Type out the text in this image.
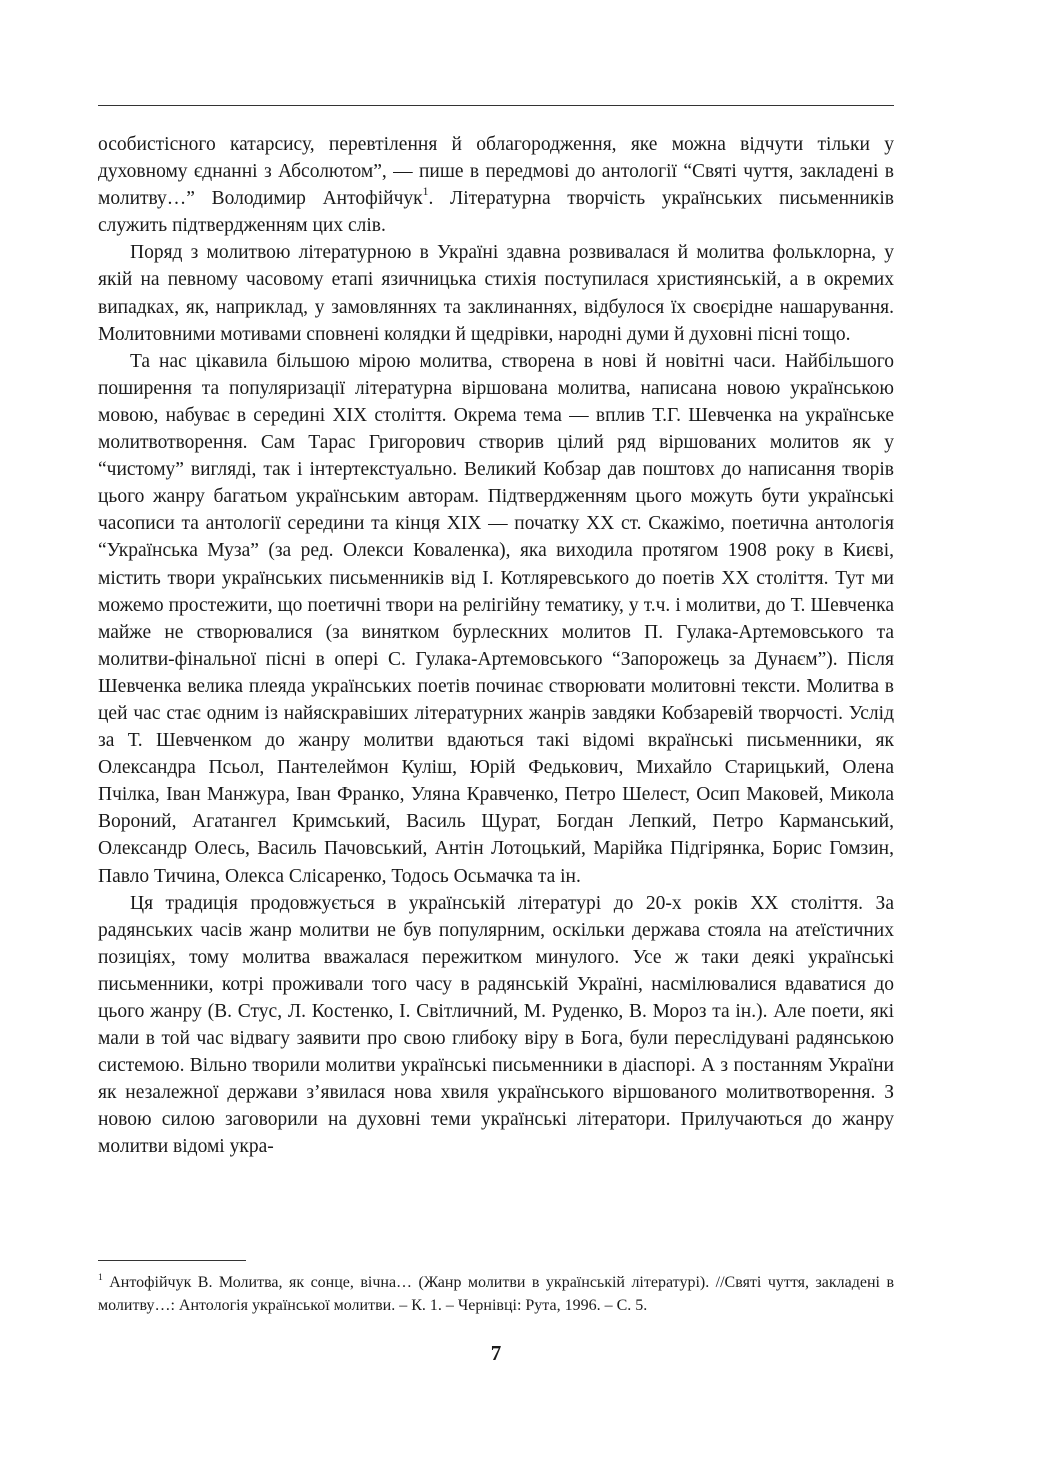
особистісного катарсису, перевтілення й облагородження, яке можна відчути тільки у духовному єднанні з Абсолютом”, — пише в передмові до антології “Святі чуття, закладені в молитву…” Володимир Антофійчук$^1$. Літературна творчість українських письменників служить підтвердженням цих слів.

Поряд з молитвою літературною в Україні здавна розвивалася й молитва фольклорна, у якій на певному часовому етапі язичницька стихія поступилася християнській, а в окремих випадках, як, наприклад, у замовляннях та заклинаннях, відбулося їх своєрідне нашарування. Молитовними мотивами сповнені колядки й щедрівки, народні думи й духовні пісні тощо.

Та нас цікавила більшою мірою молитва, створена в нові й новітні часи. Найбільшого поширення та популяризації літературна віршована молитва, написана новою українською мовою, набуває в середині XIX століття. Окрема тема — вплив Т.Г. Шевченка на українське молитвотворення. Сам Тарас Григорович створив цілий ряд віршованих молитов як у “чистому” вигляді, так і інтертекстуально. Великий Кобзар дав поштовх до написання творів цього жанру багатьом українським авторам. Підтвердженням цього можуть бути українські часописи та антології середини та кінця XIX — початку XX ст. Скажімо, поетична антологія “Українська Муза” (за ред. Олекси Коваленка), яка виходила протягом 1908 року в Києві, містить твори українських письменників від І. Котляревського до поетів XX століття. Тут ми можемо простежити, що поетичні твори на релігійну тематику, у т.ч. і молитви, до Т. Шевченка майже не створювалися (за винятком бурлескних молитов П. Гулака-Артемовського та молитви-фінальної пісні в опері С. Гулака-Артемовського “Запорожець за Дунаєм”). Після Шевченка велика плеяда українських поетів починає створювати молитовні тексти. Молитва в цей час стає одним із найяскравіших літературних жанрів завдяки Кобзаревій творчості. Услід за Т. Шевченком до жанру молитви вдаються такі відомі вкраїнські письменники, як Олександра Псьол, Пантелеймон Куліш, Юрій Федькович, Михайло Старицький, Олена Пчілка, Іван Манжура, Іван Франко, Уляна Кравченко, Петро Шелест, Осип Маковей, Микола Вороний, Агатангел Кримський, Василь Щурат, Богдан Лепкий, Петро Карманський, Олександр Олесь, Василь Пачовський, Антін Лотоцький, Марійка Підгірянка, Борис Гомзин, Павло Тичина, Олекса Слісаренко, Тодось Осьмачка та ін.

Ця традиція продовжується в українській літературі до 20-х років XX століття. За радянських часів жанр молитви не був популярним, оскільки держава стояла на атеїстичних позиціях, тому молитва вважалася пережитком минулого. Усе ж таки деякі українські письменники, котрі проживали того часу в радянській Україні, насмілювалися вдаватися до цього жанру (В. Стус, Л. Костенко, І. Світличний, М. Руденко, В. Мороз та ін.). Але поети, які мали в той час відвагу заявити про свою глибоку віру в Бога, були переслідувані радянською системою. Вільно творили молитви українські письменники в діаспорі. А з постанням України як незалежної держави з’явилася нова хвиля українського віршованого молитвотворення. З новою силою заговорили на духовні теми українські літератори. Прилучаються до жанру молитви відомі укра-

$^1$ Антофійчук В. Молитва, як сонце, вічна… (Жанр молитви в українській літературі). //Святі чуття, закладені в молитву…: Антологія української молитви. – К. 1. – Чернівці: Рута, 1996. – С. 5.

7
